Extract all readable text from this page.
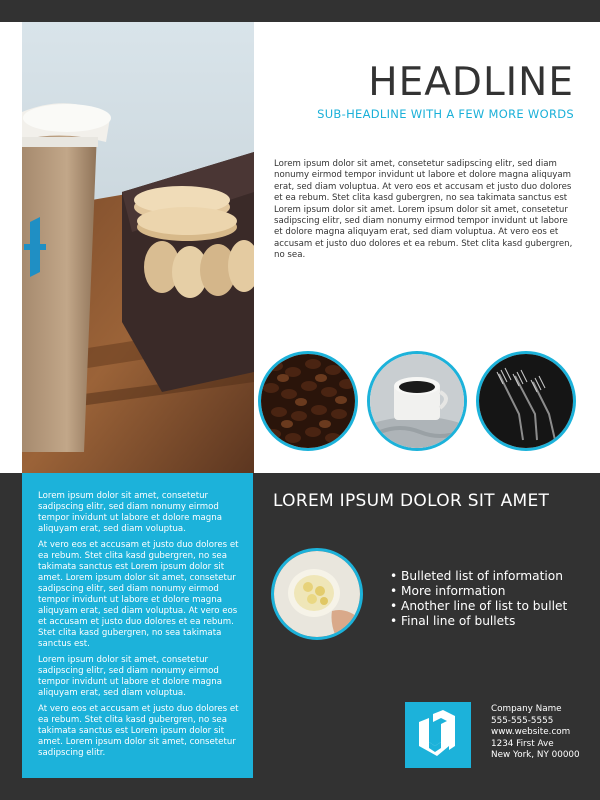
HEADLINE

SUB-HEADLINE WITH A FEW MORE WORDS

Lorem ipsum dolor sit amet, consetetur sadipscing elitr, sed diam nonumy eirmod tempor invidunt ut labore et dolore magna aliquyam erat, sed diam voluptua. At vero eos et accusam et justo duo dolores et ea rebum. Stet clita kasd gubergren, no sea takimata sanctus est Lorem ipsum dolor sit amet. Lorem ipsum dolor sit amet, consetetur sadipscing elitr, sed diam nonumy eirmod tempor invidunt ut labore et dolore magna aliquyam erat, sed diam voluptua. At vero eos et accusam et justo duo dolores et ea rebum. Stet clita kasd gubergren, no sea.

Lorem ipsum dolor sit amet, consetetur sadipscing elitr, sed diam nonumy eirmod tempor invidunt ut labore et dolore magna aliquyam erat, sed diam voluptua.

At vero eos et accusam et justo duo dolores et ea rebum. Stet clita kasd gubergren, no sea takimata sanctus est Lorem ipsum dolor sit amet. Lorem ipsum dolor sit amet, consetetur sadipscing elitr, sed diam nonumy eirmod tempor invidunt ut labore et dolore magna aliquyam erat, sed diam voluptua. At vero eos et accusam et justo duo dolores et ea rebum. Stet clita kasd gubergren, no sea takimata sanctus est.

Lorem ipsum dolor sit amet, consetetur sadipscing elitr, sed diam nonumy eirmod tempor invidunt ut labore et dolore magna aliquyam erat, sed diam voluptua.

At vero eos et accusam et justo duo dolores et ea rebum. Stet clita kasd gubergren, no sea takimata sanctus est Lorem ipsum dolor sit amet. Lorem ipsum dolor sit amet, consetetur sadipscing elitr.

LOREM IPSUM DOLOR SIT AMET
• Bulleted list of information
• More information
• Another line of list to bullet
• Final line of bullets
Company Name
555-555-5555
www.website.com
1234 First Ave
New York, NY 00000
